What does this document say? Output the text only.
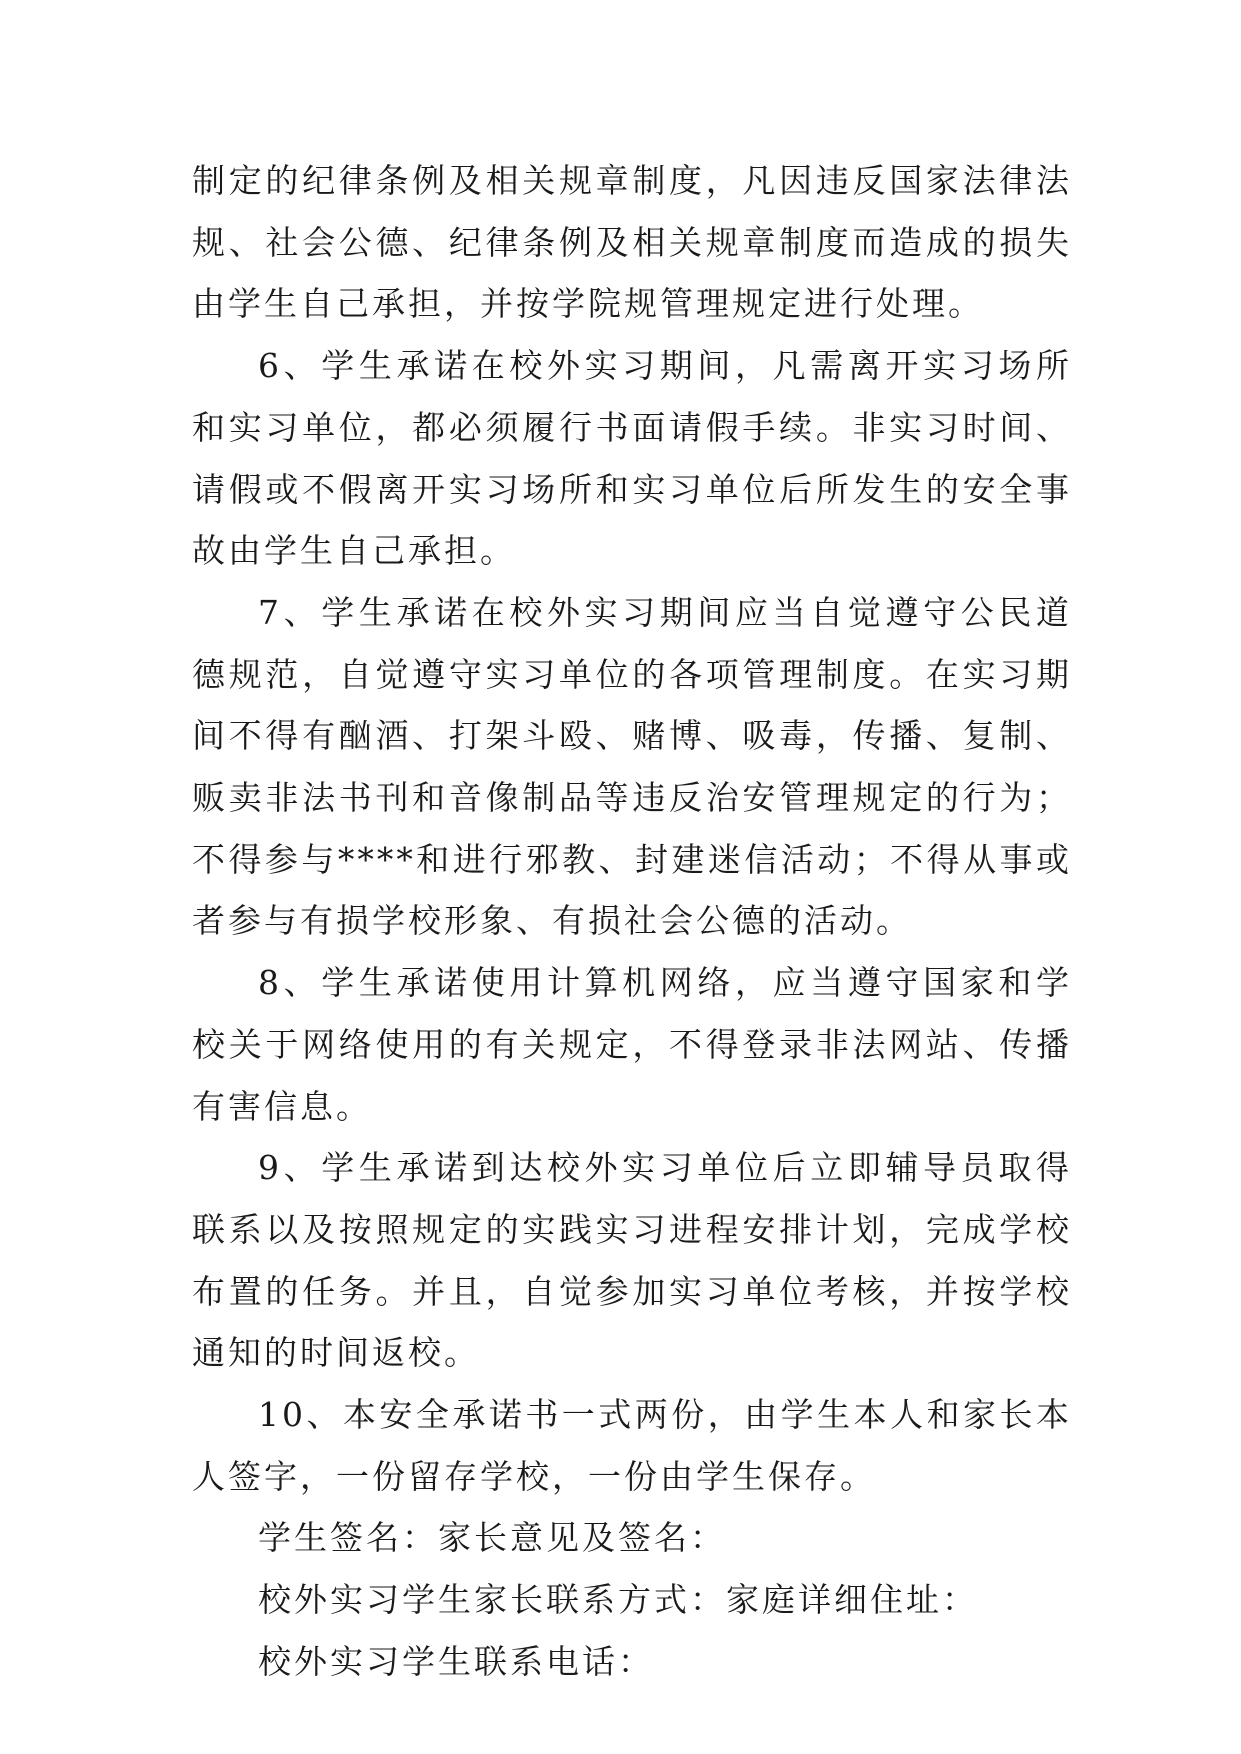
制定的纪律条例及相关规章制度，凡因违反国家法律法规、社会公德、纪律条例及相关规章制度而造成的损失由学生自己承担，并按学院规管理规定进行处理。

6、学生承诺在校外实习期间，凡需离开实习场所和实习单位，都必须履行书面请假手续。非实习时间、请假或不假离开实习场所和实习单位后所发生的安全事故由学生自己承担。

7、学生承诺在校外实习期间应当自觉遵守公民道德规范，自觉遵守实习单位的各项管理制度。在实习期间不得有酗酒、打架斗殴、赌博、吸毒，传播、复制、贩卖非法书刊和音像制品等违反治安管理规定的行为；不得参与****和进行邪教、封建迷信活动；不得从事或者参与有损学校形象、有损社会公德的活动。

8、学生承诺使用计算机网络，应当遵守国家和学校关于网络使用的有关规定，不得登录非法网站、传播有害信息。

9、学生承诺到达校外实习单位后立即辅导员取得联系以及按照规定的实践实习进程安排计划，完成学校布置的任务。并且，自觉参加实习单位考核，并按学校通知的时间返校。

10、本安全承诺书一式两份，由学生本人和家长本人签字，一份留存学校，一份由学生保存。

学生签名：家长意见及签名：

校外实习学生家长联系方式：家庭详细住址：

校外实习学生联系电话：
